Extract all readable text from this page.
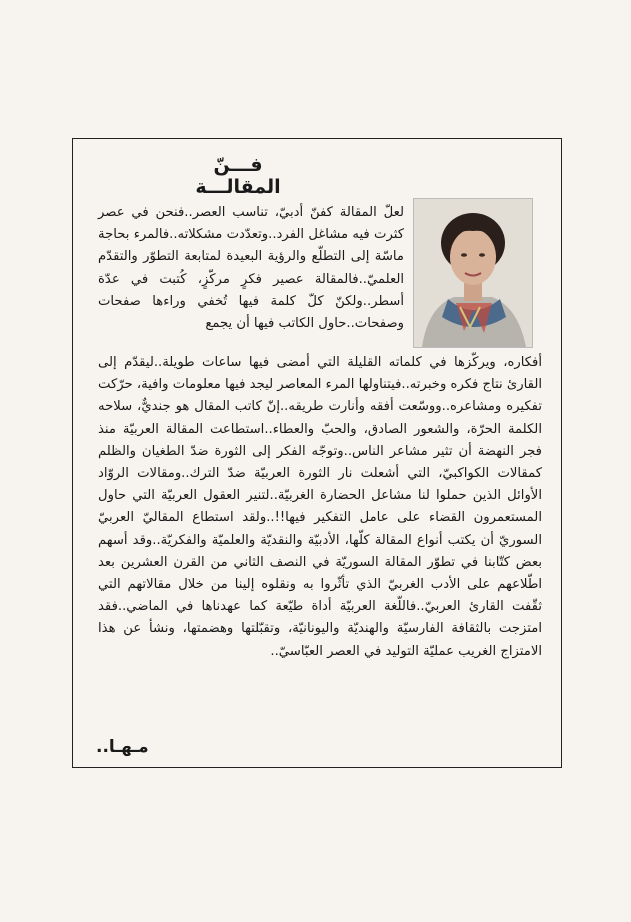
فـــنّ المقالـــة
لعلّ المقالة كفنّ أدبيّ، تناسب العصر..فنحن في عصر كثرت فيه مشاغل الفرد..وتعدّدت مشكلاته..فالمرء بحاجة ماسّة إلى التطلّع والرؤية البعيدة لمتابعة التطوّر والتقدّم العلميّ..فالمقالة عصير فكرٍ مركّزٍ، كُتبت في عدّة أسطر..ولكنّ كلّ كلمة فيها تُخفي وراءها صفحات وصفحات..حاول الكاتب فيها أن يجمع
أفكاره، ويركّزها في كلماته القليلة التي أمضى فيها ساعات طويلة..ليقدّم إلى القارئ نتاج فكره وخبرته..فيتناولها المرء المعاصر ليجد فيها معلومات وافية، حرّكت تفكيره ومشاعره..ووسّعت أفقه وأنارت طريقه..إنّ كاتب المقال هو جنديٌّ، سلاحه الكلمة الحرّة، والشعور الصادق، والحبّ والعطاء..استطاعت المقالة العربيّة منذ فجر النهضة أن تثير مشاعر الناس..وتوجّه الفكر إلى الثورة ضدّ الطغيان والظلم كمقالات الكواكبيّ، التي أشعلت نار الثورة العربيّة ضدّ الترك..ومقالات الروّاد الأوائل الذين حملوا لنا مشاعل الحضارة الغربيّة..لتنير العقول العربيّة التي حاول المستعمرون القضاء على عامل التفكير فيها!!..ولقد استطاع المقاليّ العربيّ السوريّ أن يكتب أنواع المقالة كلّها، الأدبيّة والنقديّة والعلميّة والفكريّة..وقد أسهم بعض كتّابنا في تطوّر المقالة السوريّة في النصف الثاني من القرن العشرين بعد اطّلاعهم على الأدب الغربيّ الذي تأثّروا به ونقلوه إلينا من خلال مقالاتهم التي ثقّفت القارئ العربيّ..فاللّغة العربيّة أداة طيّعة كما عهدناها في الماضي..فقد امتزجت بالثقافة الفارسيّة والهنديّة واليونانيّة، وتقبّلتها وهضمتها، ونشأ عن هذا الامتزاج الغريب عمليّة التوليد في العصر العبّاسيّ..
مـهـا..
